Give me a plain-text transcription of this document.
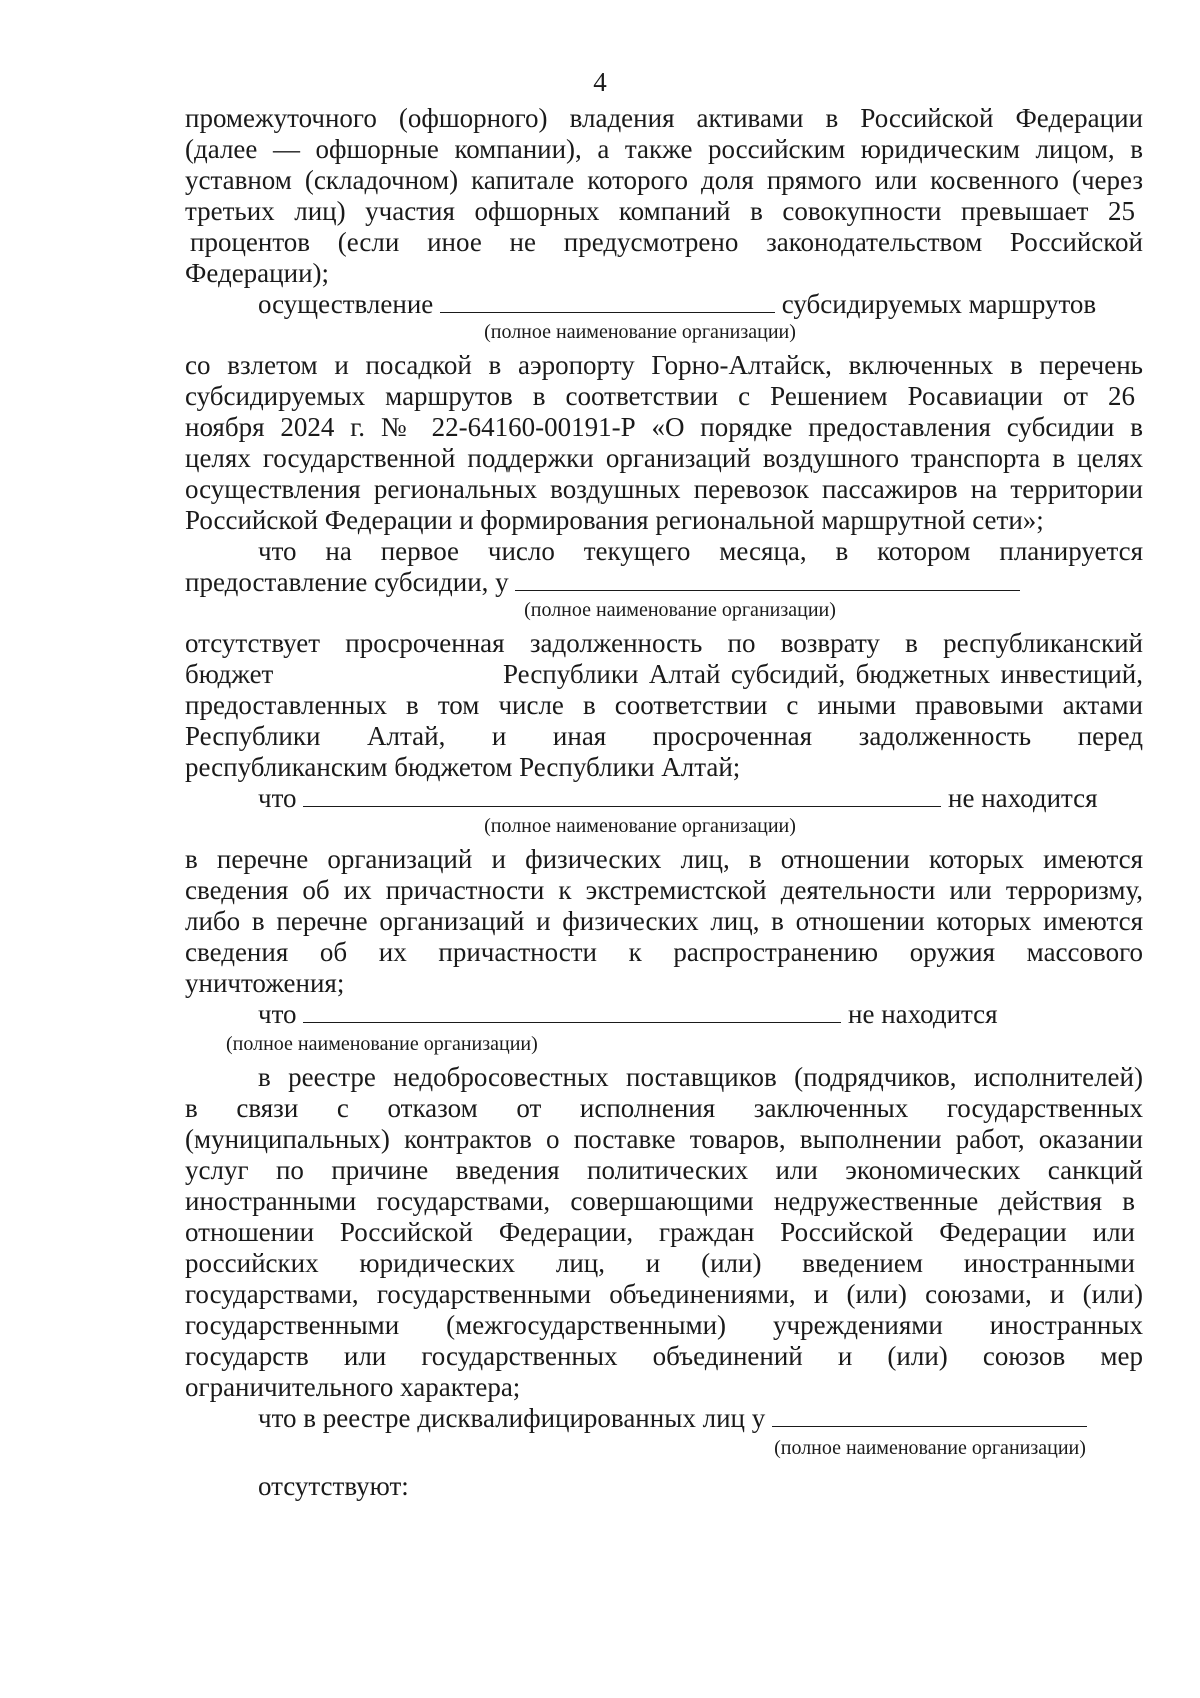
4
промежуточного (офшорного) владения активами в Российской Федерации
(далее — офшорные компании), а также российским юридическим лицом, в
уставном (складочном) капитале которого доля прямого или косвенного (через
третьих лиц) участия офшорных компаний в совокупности превышает 25
процентов (если иное не предусмотрено законодательством Российской
Федерации);
осуществление	субсидируемых маршрутов
(полное наименование организации)
со взлетом и посадкой в аэропорту Горно-Алтайск, включенных в перечень
субсидируемых маршрутов в соответствии с Решением Росавиации от 26
ноября 2024 г. № 22-64160-00191-Р «О порядке предоставления субсидии в
целях государственной поддержки организаций воздушного транспорта в целях
осуществления региональных воздушных перевозок пассажиров на территории
Российской Федерации и формирования региональной маршрутной сети»;
что на первое число текущего месяца, в котором планируется
предоставление субсидии, у
(полное наименование организации)
отсутствует просроченная задолженность по возврату в республиканский
бюджет	Республики Алтай субсидий, бюджетных инвестиций,
предоставленных в том числе в соответствии с иными правовыми актами
Республики Алтай, и иная просроченная задолженность перед
республиканским бюджетом Республики Алтай;
что	не находится
(полное наименование организации)
в перечне организаций и физических лиц, в отношении которых имеются
сведения об их причастности к экстремистской деятельности или терроризму,
либо в перечне организаций и физических лиц, в отношении которых имеются
сведения об их причастности к распространению оружия массового
уничтожения;
что	не находится
(полное наименование организации)
в реестре недобросовестных поставщиков (подрядчиков, исполнителей)
в связи с отказом от исполнения заключенных государственных
(муниципальных) контрактов о поставке товаров, выполнении работ, оказании
услуг по причине введения политических или экономических санкций
иностранными государствами, совершающими недружественные действия в
отношении Российской Федерации, граждан Российской Федерации или
российских юридических лиц, и (или) введением иностранными
государствами, государственными объединениями, и (или) союзами, и (или)
государственными (межгосударственными) учреждениями иностранных
государств или государственных объединений и (или) союзов мер
ограничительного характера;
что в реестре дисквалифицированных лиц у
(полное наименование организации)
отсутствуют:
